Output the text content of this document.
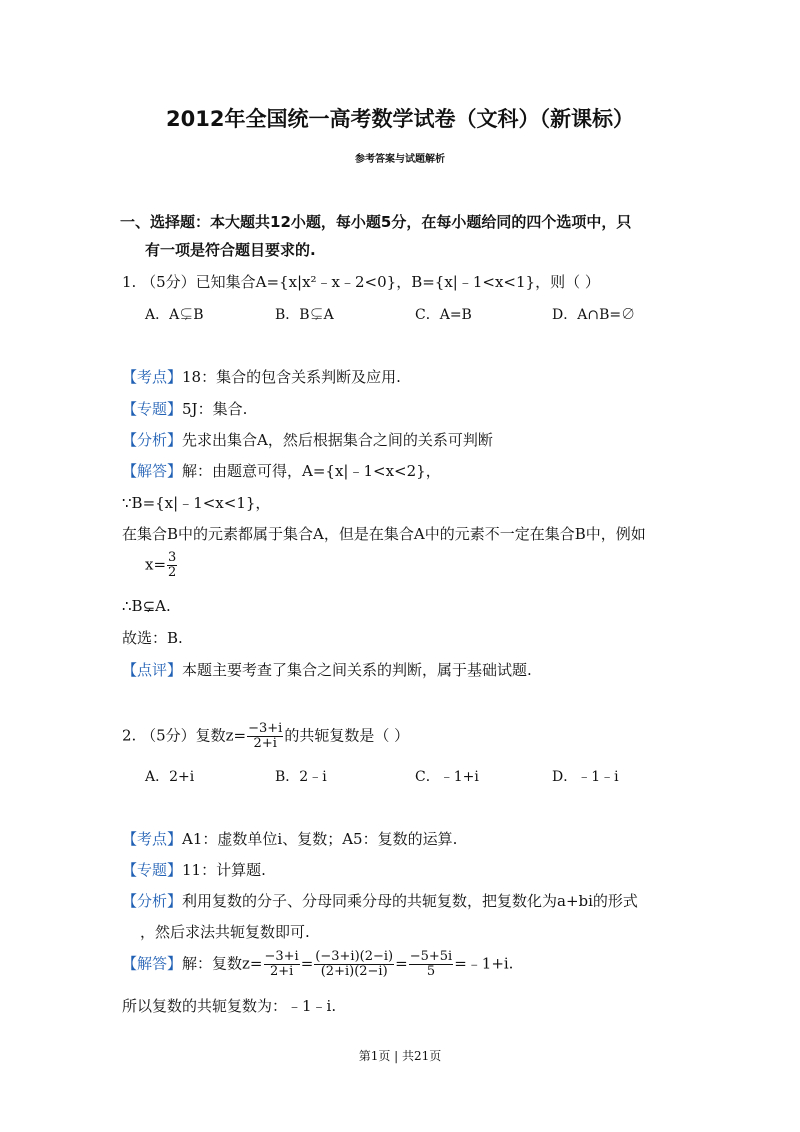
2012年全国统一高考数学试卷（文科）（新课标）
参考答案与试题解析
一、选择题：本大题共12小题，每小题5分，在每小题给同的四个选项中，只
有一项是符合题目要求的.
1. （5分）已知集合A={x|x²﹣x﹣2<0}，B={x|﹣1<x<1}，则（ ）
A．A⊊B	B．B⊊A	C．A=B	D．A∩B=∅
【考点】18：集合的包含关系判断及应用.
【专题】5J：集合.
【分析】先求出集合A，然后根据集合之间的关系可判断
【解答】解：由题意可得，A={x|﹣1<x<2}，
∵B={x|﹣1<x<1}，
在集合B中的元素都属于集合A，但是在集合A中的元素不一定在集合B中，例如
$x= \frac{3}{2}$
∴B⊊A.
故选：B.
【点评】本题主要考查了集合之间关系的判断，属于基础试题.
2. （5分）复数$z= \frac{-3+i}{2+i}$ 的共轭复数是（ ）
A．2+i	B．2﹣i	C．﹣1+i	D．﹣1﹣i
【考点】A1：虚数单位i、复数；A5：复数的运算.
【专题】11：计算题.
【分析】利用复数的分子、分母同乘分母的共轭复数，把复数化为a+bi的形式
，然后求法共轭复数即可.
【解答】解：复数$z= \frac{-3+i}{2+i} = \frac{(-3+i)(2-i)}{(2+i)(2-i)} = \frac{-5+5i}{5}$ =﹣1+i.
所以复数的共轭复数为：﹣1﹣i.
第1页 | 共21页
